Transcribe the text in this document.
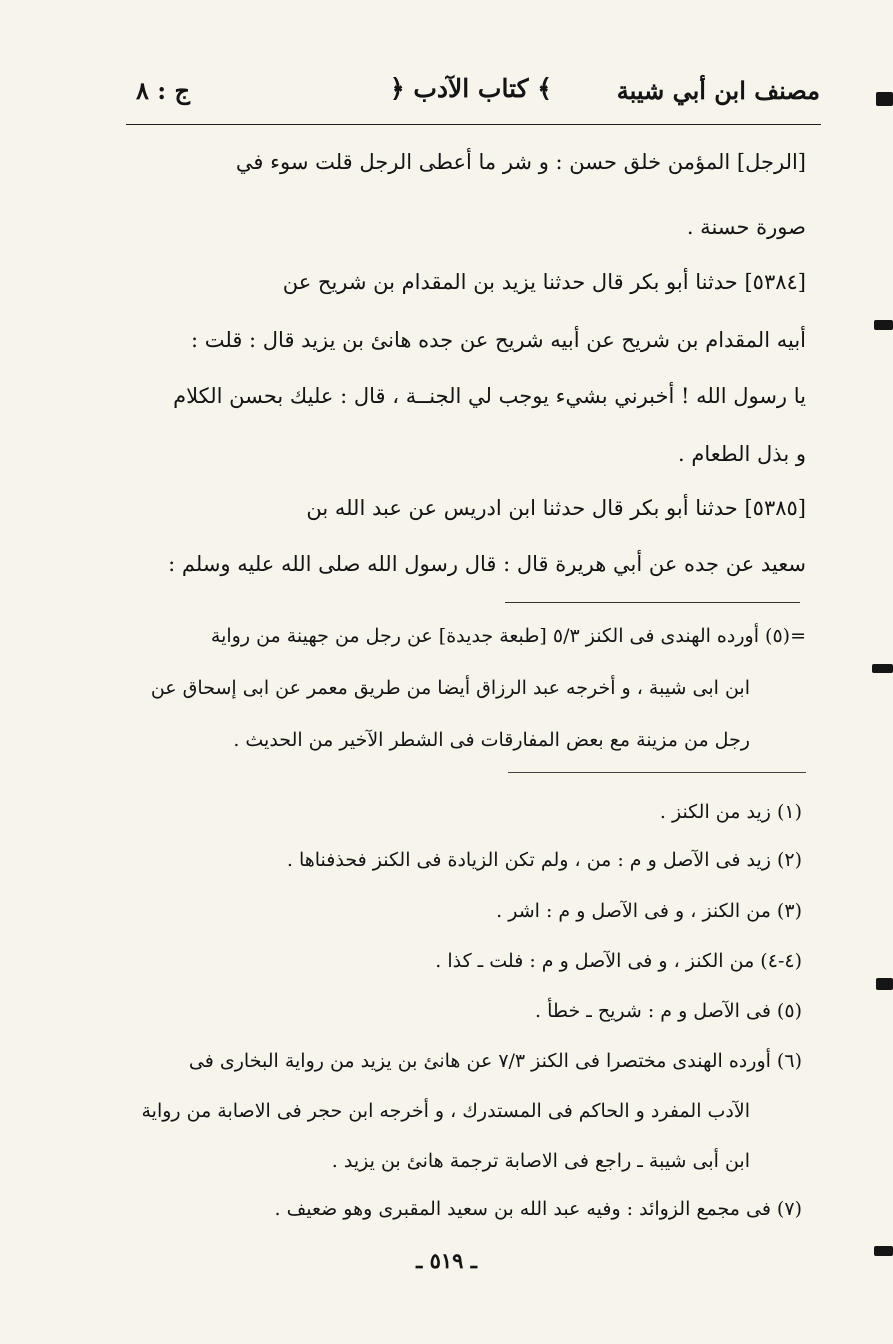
مصنف ابن أبي شيبة
﴿ كتاب الآدب ﴾
ج : ٨
[الرجل] المؤمن خلق حسن : و شر ما أعطى الرجل قلت سوء في
صورة حسنة .
[٥٣٨٤] حدثنا أبو بكر قال حدثنا يزيد بن المقدام بن شريح عن
أبيه المقدام بن شريح عن أبيه شريح عن جده هانئ بن يزيد قال : قلت :
يا رسول الله ! أخبرني بشيء يوجب لي الجنــة ، قال : عليك بحسن الكلام
و بذل الطعام .
[٥٣٨٥] حدثنا أبو بكر قال حدثنا ابن ادريس عن عبد الله بن
سعيد عن جده عن أبي هريرة قال : قال رسول الله صلى الله عليه وسلم :
=(٥) أورده الهندى فى الكنز ٥/٣ [طبعة جديدة] عن رجل من جهينة من رواية
ابن ابى شيبة ، و أخرجه عبد الرزاق أيضا من طريق معمر عن ابى إسحاق عن
رجل من مزينة مع بعض المفارقات فى الشطر الآخير من الحديث .
(١) زيد من الكنز .
(٢) زيد فى الآصل و م : من ، ولم تكن الزيادة فى الكنز فحذفناها .
(٣) من الكنز ، و فى الآصل و م : اشر .
(٤-٤) من الكنز ، و فى الآصل و م : فلت ـ كذا .
(٥) فى الآصل و م : شريح ـ خطأ .
(٦) أورده الهندى مختصرا فى الكنز ٧/٣ عن هانئ بن يزيد من رواية البخارى فى
الآدب المفرد و الحاكم فى المستدرك ، و أخرجه ابن حجر فى الاصابة من رواية
ابن أبى شيبة ـ راجع فى الاصابة ترجمة هانئ بن يزيد .
(٧) فى مجمع الزوائد : وفيه عبد الله بن سعيد المقبرى وهو ضعيف .
ـ ٥١٩ ـ
